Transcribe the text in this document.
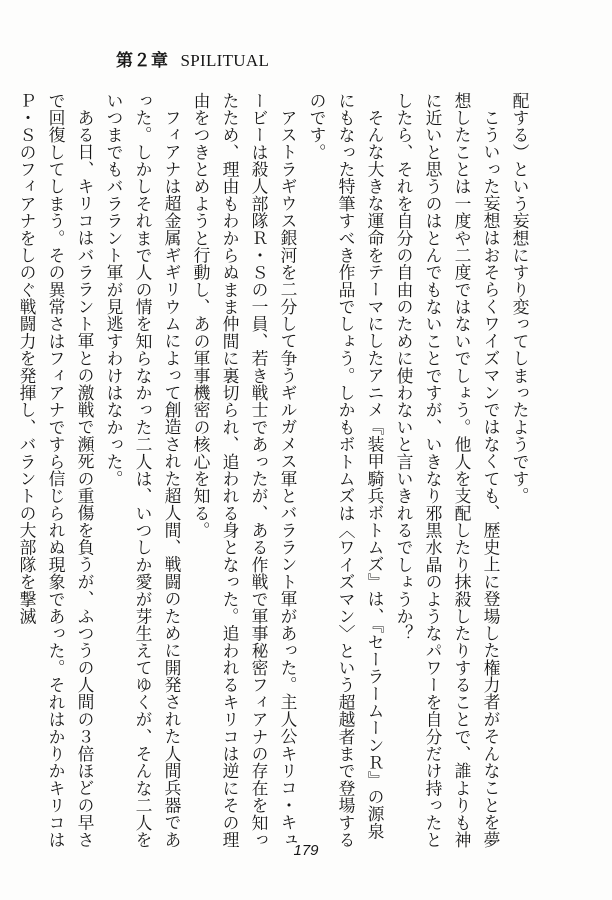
第２章 SPILITUAL

配する）という妄想にすり変ってしまったようです。

こういった妄想はおそらくワイズマンではなくても、歴史上に登場した権力者がそんなことを夢想したことは一度や二度ではないでしょう。他人を支配したり抹殺したりすることで、誰よりも神に近いと思うのはとんでもないことですが、いきなり邪黒水晶のようなパワーを自分だけ持ったとしたら、それを自分の自由のために使わないと言いきれるでしょうか？

そんな大きな運命をテーマにしたアニメ『装甲騎兵ボトムズ』は、『セーラームーンＲ』の源泉にもなった特筆すべき作品でしょう。しかもボトムズは〈ワイズマン〉という超越者まで登場するのです。

アストラギウス銀河を二分して争うギルガメス軍とバララント軍があった。主人公キリコ・キュービーは殺人部隊Ｒ・Ｓの一員、若き戦士であったが、ある作戦で軍事秘密フィアナの存在を知ったため、理由もわからぬまま仲間に裏切られ、追われる身となった。追われるキリコは逆にその理由をつきとめようと行動し、あの軍事機密の核心を知る。

フィアナは超金属ギギリウムによって創造された超人間、戦闘のために開発された人間兵器であった。しかしそれまで人の情を知らなかった二人は、いつしか愛が芽生えてゆくが、そんな二人をいつまでもバララント軍が見逃すわけはなかった。

ある日、キリコはバララント軍との激戦で瀕死の重傷を負うが、ふつうの人間の３倍ほどの早さで回復してしまう。その異常さはフィアナですら信じられぬ現象であった。それはかりかキリコはＰ・Ｓのフィアナをしのぐ戦闘力を発揮し、バラントの大部隊を撃滅

179
